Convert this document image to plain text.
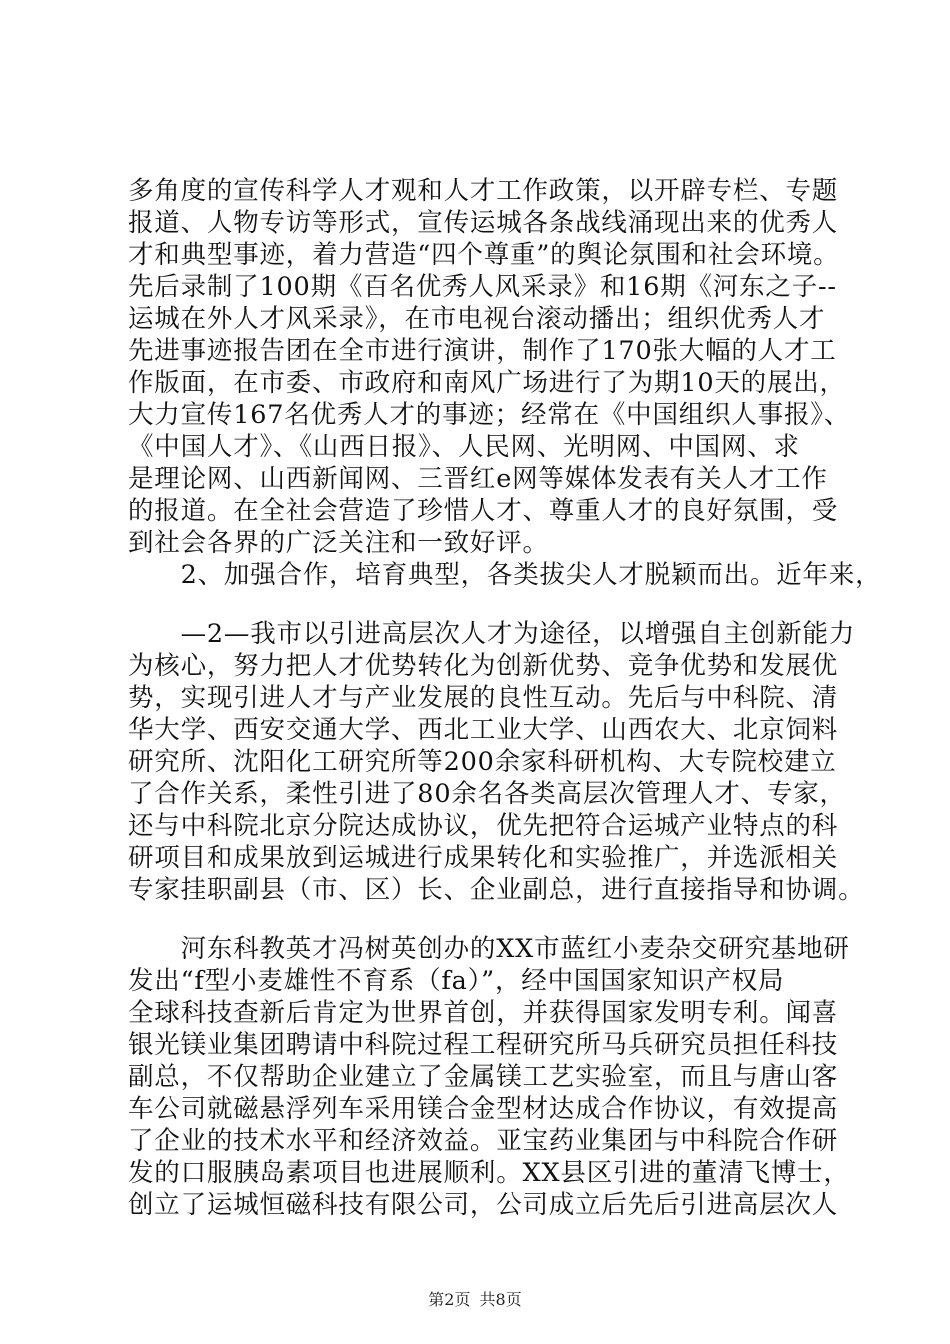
多角度的宣传科学人才观和人才工作政策，以开辟专栏、专题
报道、人物专访等形式，宣传运城各条战线涌现出来的优秀人
才和典型事迹，着力营造“四个尊重”的舆论氛围和社会环境。
先后录制了100期《百名优秀人风采录》和16期《河东之子--
运城在外人才风采录》，在市电视台滚动播出；组织优秀人才
先进事迹报告团在全市进行演讲，制作了170张大幅的人才工
作版面，在市委、市政府和南风广场进行了为期10天的展出，
大力宣传167名优秀人才的事迹；经常在《中国组织人事报》、
《中国人才》、《山西日报》、人民网、光明网、中国网、求
是理论网、山西新闻网、三晋红e网等媒体发表有关人才工作
的报道。在全社会营造了珍惜人才、尊重人才的良好氛围，受
到社会各界的广泛关注和一致好评。
　　2、加强合作，培育典型，各类拔尖人才脱颖而出。近年来，
　　—2—我市以引进高层次人才为途径，以增强自主创新能力
为核心，努力把人才优势转化为创新优势、竞争优势和发展优
势，实现引进人才与产业发展的良性互动。先后与中科院、清
华大学、西安交通大学、西北工业大学、山西农大、北京饲料
研究所、沈阳化工研究所等200余家科研机构、大专院校建立
了合作关系，柔性引进了80余名各类高层次管理人才、专家，
还与中科院北京分院达成协议，优先把符合运城产业特点的科
研项目和成果放到运城进行成果转化和实验推广，并选派相关
专家挂职副县（市、区）长、企业副总，进行直接指导和协调。
　　河东科教英才冯树英创办的XX市蓝红小麦杂交研究基地研
发出“f型小麦雄性不育系（fa）”，经中国国家知识产权局
全球科技查新后肯定为世界首创，并获得国家发明专利。闻喜
银光镁业集团聘请中科院过程工程研究所马兵研究员担任科技
副总，不仅帮助企业建立了金属镁工艺实验室，而且与唐山客
车公司就磁悬浮列车采用镁合金型材达成合作协议，有效提高
了企业的技术水平和经济效益。亚宝药业集团与中科院合作研
发的口服胰岛素项目也进展顺利。XX县区引进的董清飞博士，
创立了运城恒磁科技有限公司，公司成立后先后引进高层次人
第2页 共8页
